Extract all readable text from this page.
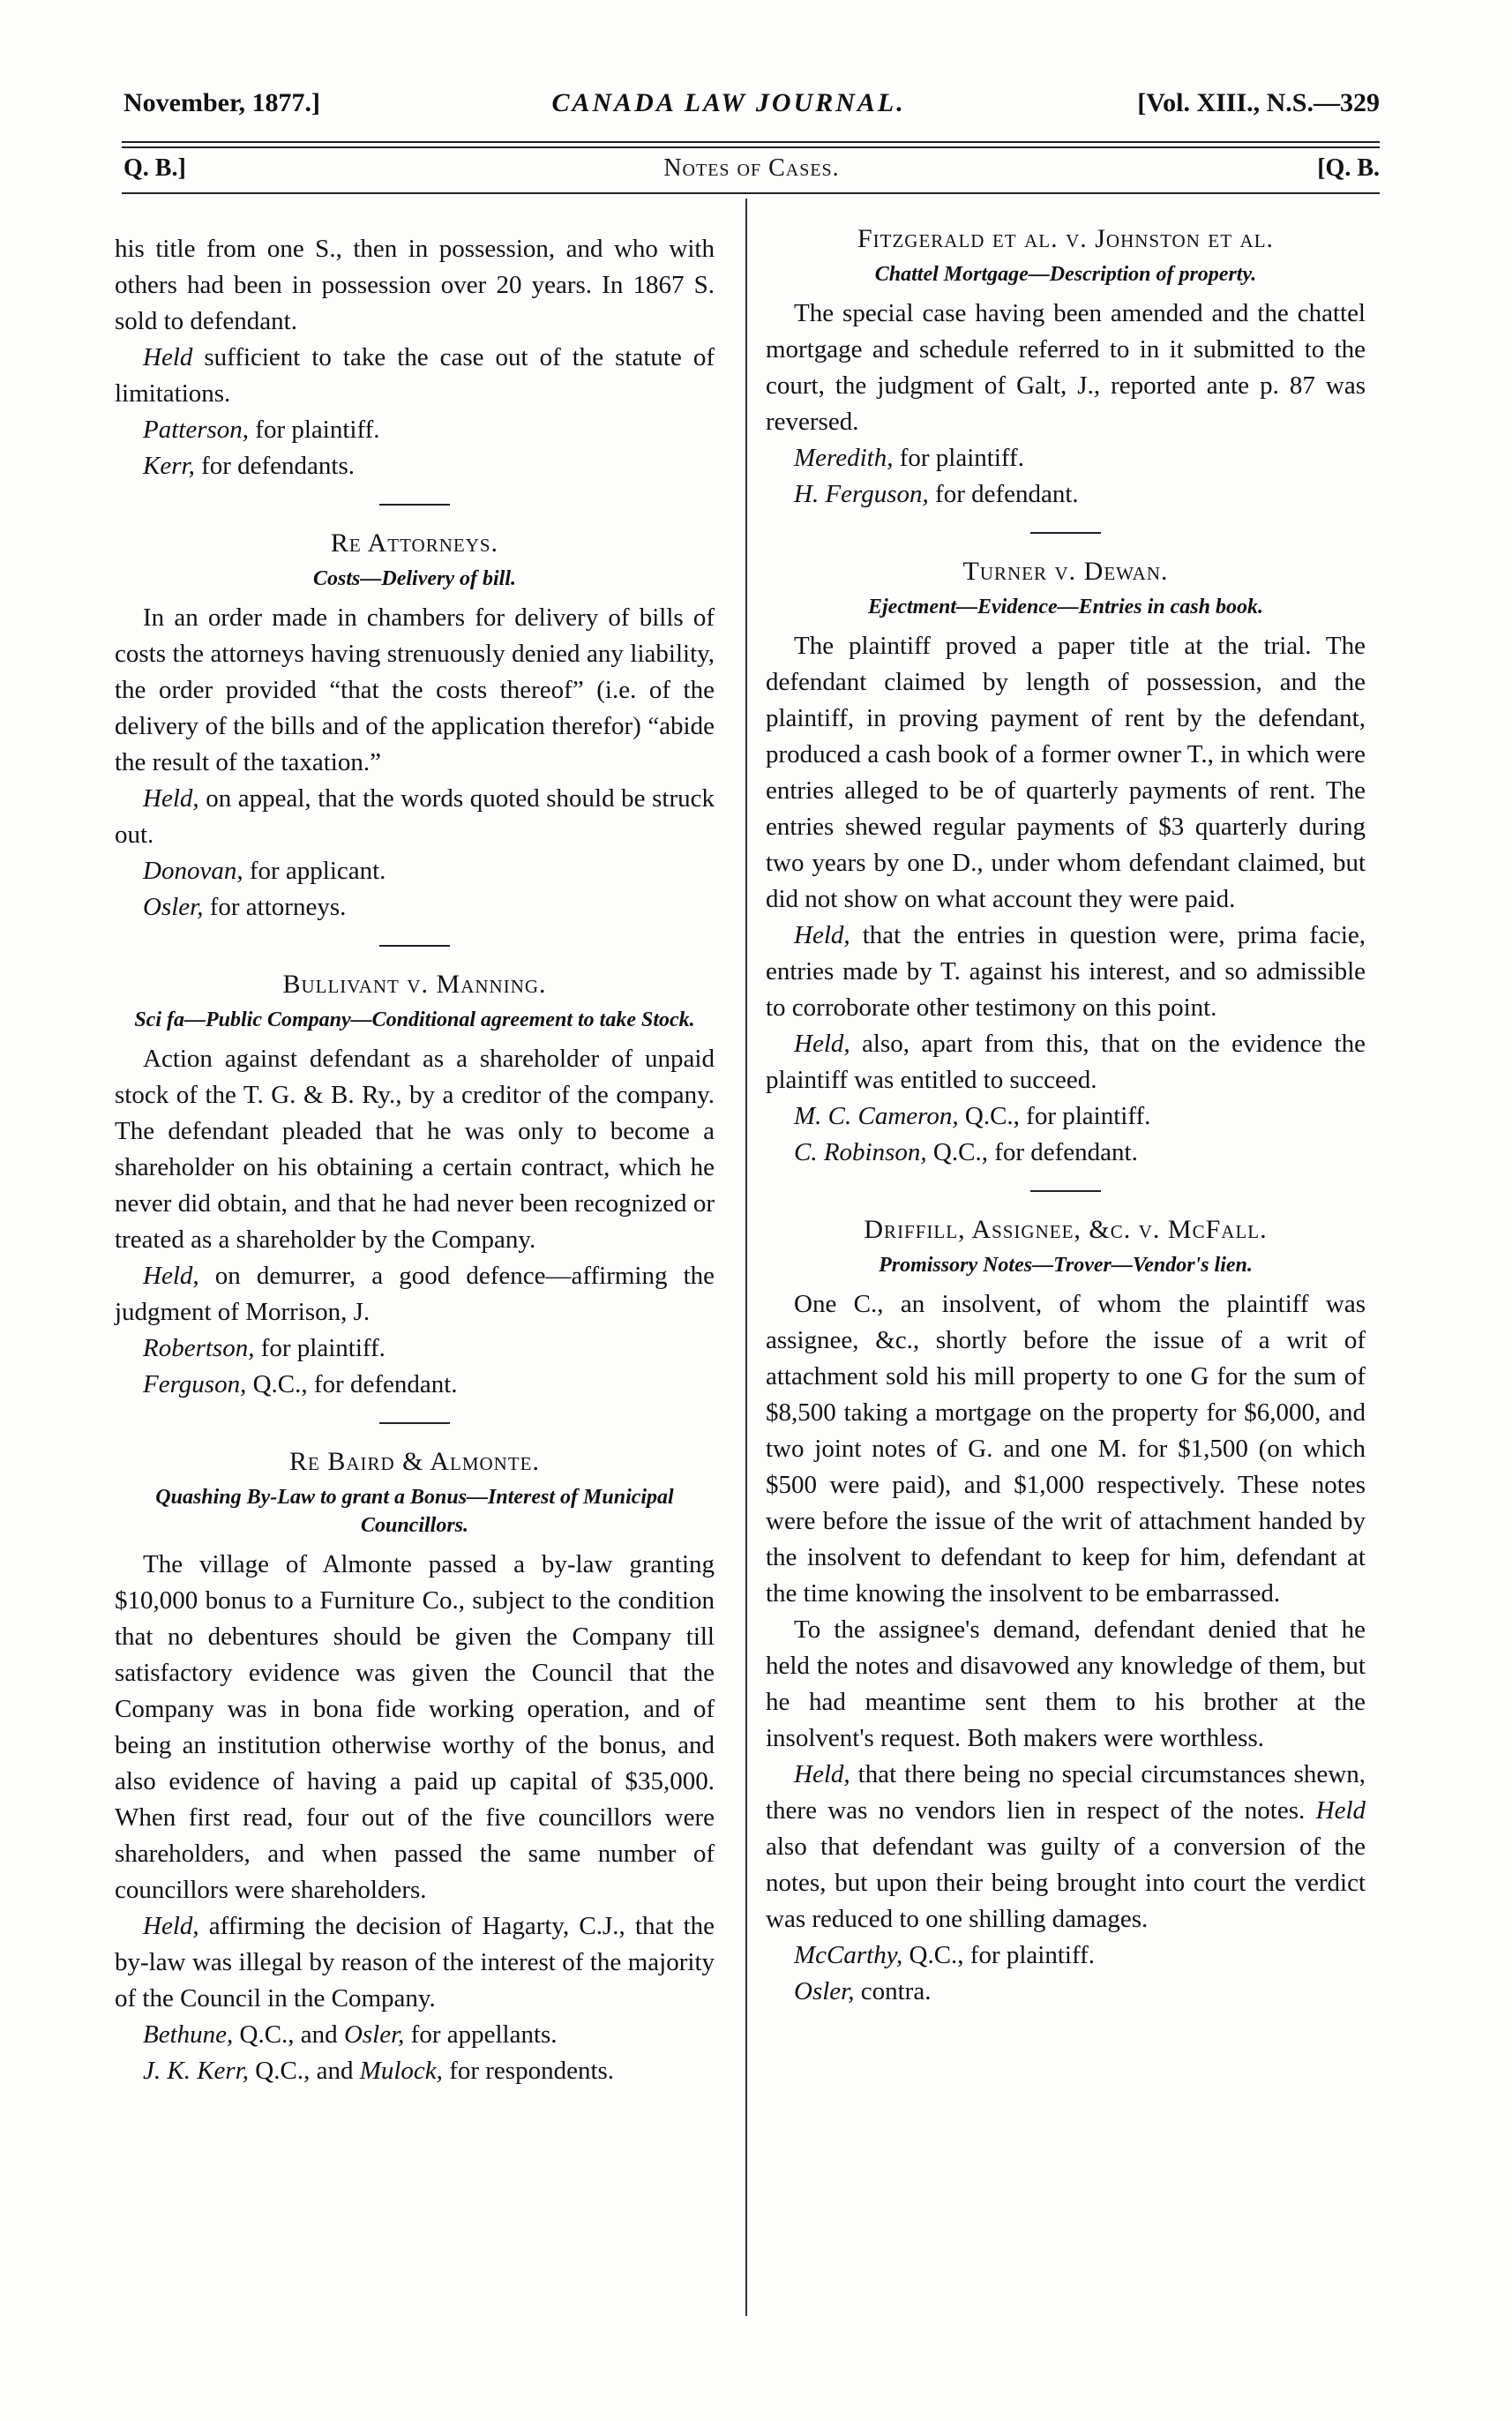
November, 1877.]	CANADA LAW JOURNAL.	[Vol. XIII., N.S.—329
Q. B.]	Notes of Cases.	[Q. B.

his title from one S., then in possession, and who with others had been in possession over 20 years. In 1867 S. sold to defendant.

Held sufficient to take the case out of the statute of limitations.

Patterson, for plaintiff.

Kerr, for defendants.

Re Attorneys.
Costs—Delivery of bill.

In an order made in chambers for delivery of bills of costs the attorneys having strenuously denied any liability, the order provided “that the costs thereof” (i.e. of the delivery of the bills and of the application therefor) “abide the result of the taxation.”

Held, on appeal, that the words quoted should be struck out.

Donovan, for applicant.

Osler, for attorneys.

Bullivant v. Manning.
Sci fa—Public Company—Conditional agreement to take Stock.

Action against defendant as a shareholder of unpaid stock of the T. G. & B. Ry., by a creditor of the company. The defendant pleaded that he was only to become a shareholder on his obtaining a certain contract, which he never did obtain, and that he had never been recognized or treated as a shareholder by the Company.

Held, on demurrer, a good defence—affirming the judgment of Morrison, J.

Robertson, for plaintiff.

Ferguson, Q.C., for defendant.

Re Baird & Almonte.
Quashing By-Law to grant a Bonus—Interest of Municipal Councillors.

The village of Almonte passed a by-law granting $10,000 bonus to a Furniture Co., subject to the condition that no debentures should be given the Company till satisfactory evidence was given the Council that the Company was in bona fide working operation, and of being an institution otherwise worthy of the bonus, and also evidence of having a paid up capital of $35,000. When first read, four out of the five councillors were shareholders, and when passed the same number of councillors were shareholders.

Held, affirming the decision of Hagarty, C.J., that the by-law was illegal by reason of the interest of the majority of the Council in the Company.

Bethune, Q.C., and Osler, for appellants.

J. K. Kerr, Q.C., and Mulock, for respondents.

Fitzgerald et al. v. Johnston et al.
Chattel Mortgage—Description of property.

The special case having been amended and the chattel mortgage and schedule referred to in it submitted to the court, the judgment of Galt, J., reported ante p. 87 was reversed.

Meredith, for plaintiff.

H. Ferguson, for defendant.

Turner v. Dewan.
Ejectment—Evidence—Entries in cash book.

The plaintiff proved a paper title at the trial. The defendant claimed by length of possession, and the plaintiff, in proving payment of rent by the defendant, produced a cash book of a former owner T., in which were entries alleged to be of quarterly payments of rent. The entries shewed regular payments of $3 quarterly during two years by one D., under whom defendant claimed, but did not show on what account they were paid.

Held, that the entries in question were, prima facie, entries made by T. against his interest, and so admissible to corroborate other testimony on this point.

Held, also, apart from this, that on the evidence the plaintiff was entitled to succeed.

M. C. Cameron, Q.C., for plaintiff.

C. Robinson, Q.C., for defendant.

Driffill, Assignee, &c. v. McFall.
Promissory Notes—Trover—Vendor's lien.

One C., an insolvent, of whom the plaintiff was assignee, &c., shortly before the issue of a writ of attachment sold his mill property to one G for the sum of $8,500 taking a mortgage on the property for $6,000, and two joint notes of G. and one M. for $1,500 (on which $500 were paid), and $1,000 respectively. These notes were before the issue of the writ of attachment handed by the insolvent to defendant to keep for him, defendant at the time knowing the insolvent to be embarrassed.

To the assignee's demand, defendant denied that he held the notes and disavowed any knowledge of them, but he had meantime sent them to his brother at the insolvent's request. Both makers were worthless.

Held, that there being no special circumstances shewn, there was no vendors lien in respect of the notes. Held also that defendant was guilty of a conversion of the notes, but upon their being brought into court the verdict was reduced to one shilling damages.

McCarthy, Q.C., for plaintiff.

Osler, contra.
